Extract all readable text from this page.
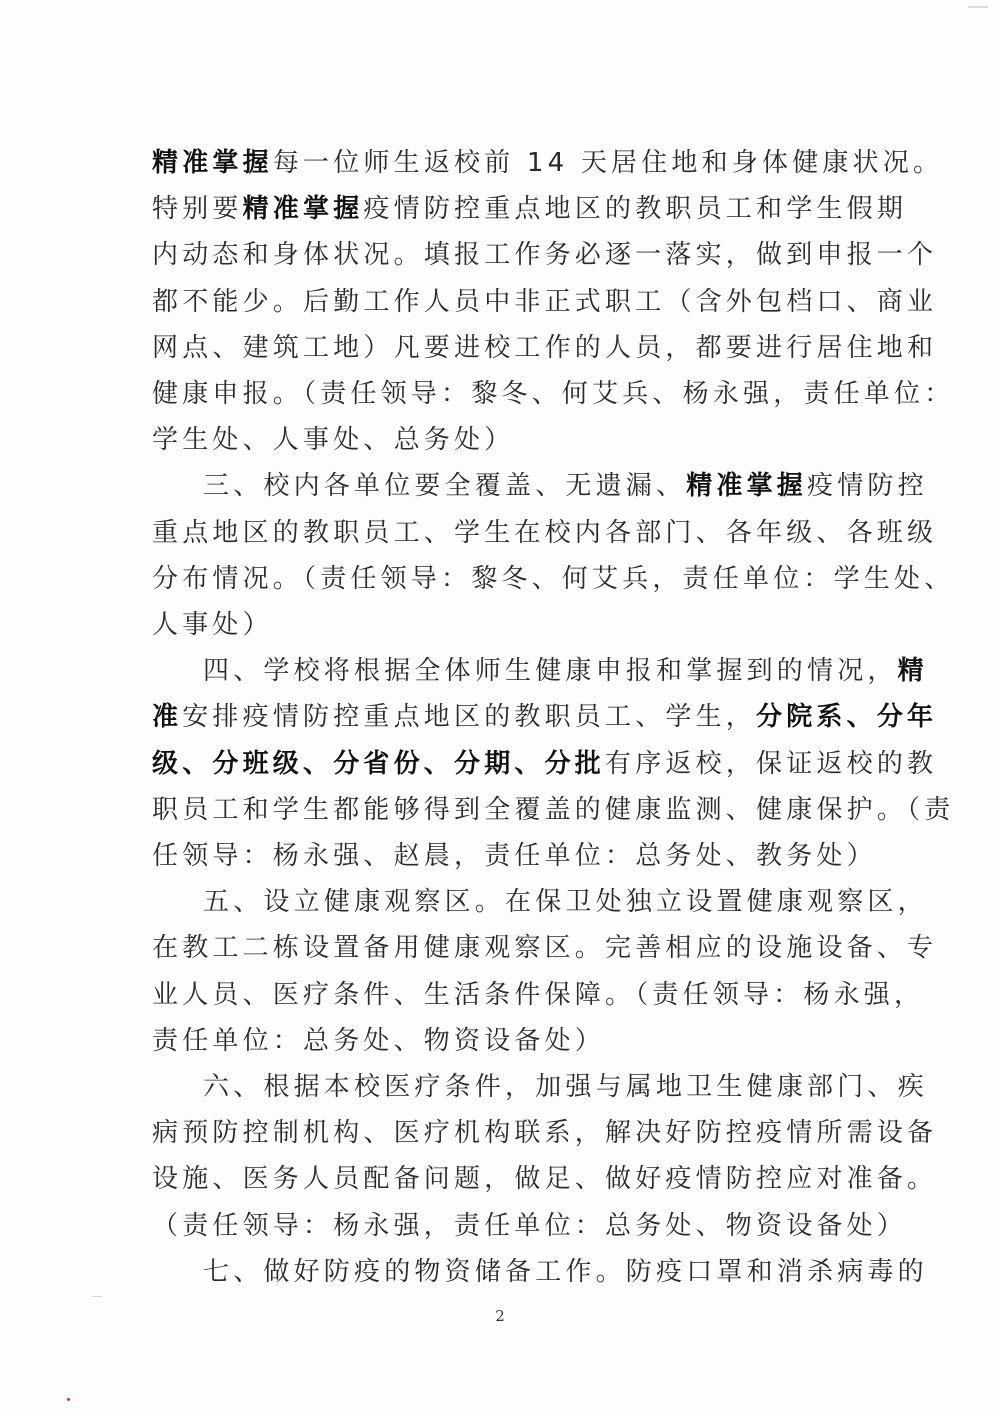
精准掌握每一位师生返校前 14 天居住地和身体健康状况。
特别要精准掌握疫情防控重点地区的教职员工和学生假期
内动态和身体状况。填报工作务必逐一落实，做到申报一个
都不能少。后勤工作人员中非正式职工（含外包档口、商业
网点、建筑工地）凡要进校工作的人员，都要进行居住地和
健康申报。（责任领导：黎冬、何艾兵、杨永强，责任单位：
学生处、人事处、总务处）
三、校内各单位要全覆盖、无遗漏、精准掌握疫情防控
重点地区的教职员工、学生在校内各部门、各年级、各班级
分布情况。（责任领导：黎冬、何艾兵，责任单位：学生处、
人事处）
四、学校将根据全体师生健康申报和掌握到的情况，精
准安排疫情防控重点地区的教职员工、学生，分院系、分年
级、分班级、分省份、分期、分批有序返校，保证返校的教
职员工和学生都能够得到全覆盖的健康监测、健康保护。（责
任领导：杨永强、赵晨，责任单位：总务处、教务处）
五、设立健康观察区。在保卫处独立设置健康观察区，
在教工二栋设置备用健康观察区。完善相应的设施设备、专
业人员、医疗条件、生活条件保障。（责任领导：杨永强，
责任单位：总务处、物资设备处）
六、根据本校医疗条件，加强与属地卫生健康部门、疾
病预防控制机构、医疗机构联系，解决好防控疫情所需设备
设施、医务人员配备问题，做足、做好疫情防控应对准备。
（责任领导：杨永强，责任单位：总务处、物资设备处）
七、做好防疫的物资储备工作。防疫口罩和消杀病毒的
2
